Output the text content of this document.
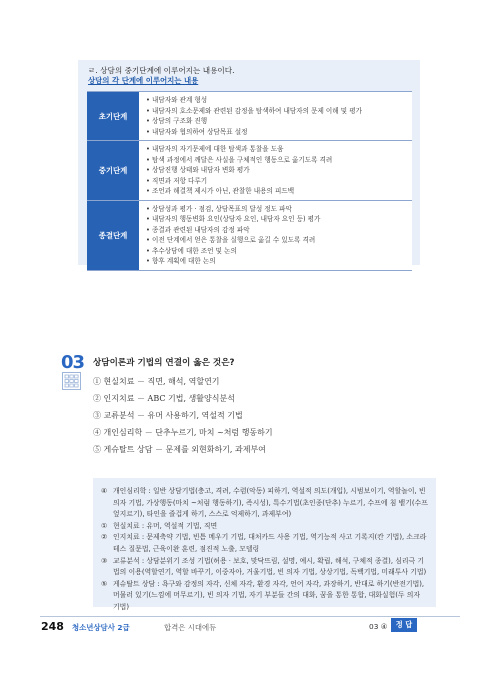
ㄹ. 상담의 중기단계에 이루어지는 내용이다.
상담의 각 단계에 이루어지는 내용
초기단계
• 내담자와 관계 형성
• 내담자의 호소문제와 관련된 감정을 탐색하여 내담자의 문제 이해 및 평가
• 상담의 구조화 진행
• 내담자와 협의하여 상담목표 설정
중기단계
• 내담자의 자기문제에 대한 탐색과 통찰을 도움
• 탐색 과정에서 깨달은 사실을 구체적인 행동으로 옮기도록 격려
• 상담진행 상태와 내담자 변화 평가
• 직면과 저항 다루기
• 조언과 해결책 제시가 아닌, 관찰한 내용의 피드백
종결단계
• 상담성과 평가 · 점검, 상담목표의 달성 정도 파악
• 내담자의 행동변화 요인(상담자 요인, 내담자 요인 등) 평가
• 종결과 관련된 내담자의 감정 파악
• 이전 단계에서 얻은 통찰을 실행으로 옮길 수 있도록 격려
• 추수상담에 대한 조언 및 논의
• 향후 계획에 대한 논의
03 상담이론과 기법의 연결이 옳은 것은?
① 현실치료 － 직면, 해석, 역할연기
② 인지치료 － ABC 기법, 생활양식분석
③ 교류분석 － 유머 사용하기, 역설적 기법
④ 개인심리학 － 단추누르기, 마치 ~처럼 행동하기
⑤ 게슈탈트 상담 － 문제를 외현화하기, 과제부여
④ 개인심리학 : 일반 상담기법(충고, 격려, 수렴(악동) 피하기, 역설적 의도(개입), 시범보이기, 역할놀이, 빈 의자 기법, 가상행동(마치 ~처럼 행동하기), 즉시성), 특수기법(초인종(단추) 누르기, 수프에 침 뱉기(수프 엎지르기), 타인을 즐겁게 하기, 스스로 억제하기, 과제부여)
① 현실치료 : 유머, 역설적 기법, 직면
② 인지치료 : 문제축약 기법, 빈틈 메우기 기법, 대처카드 사용 기법, 역기능적 사고 기록지(칸 기법), 소크라테스 질문법, 근육이완 훈련, 점진적 노출, 모델링
③ 교류분석 : 상담분위기 조성 기법(허용 · 보호, 맞닥뜨림, 설명, 예시, 확립, 해석, 구체적 종결), 심리극 기법의 이용(역할연기, 역할 바꾸기, 이중자아, 거울기법, 빈 의자 기법, 상상기법, 독백기법, 미래투사 기법)
⑤ 게슈탈트 상담 : 욕구와 감정의 자각, 신체 자각, 환경 자각, 언어 자각, 과장하기, 반대로 하기(반전기법), 머물러 있기(느낌에 머무르기), 빈 의자 기법, 자기 부분들 간의 대화, 꿈을 통한 통합, 대화실험(두 의자 기법)
248 청소년상담사 2급	합격은 시대에듀	03 ④	정 답
